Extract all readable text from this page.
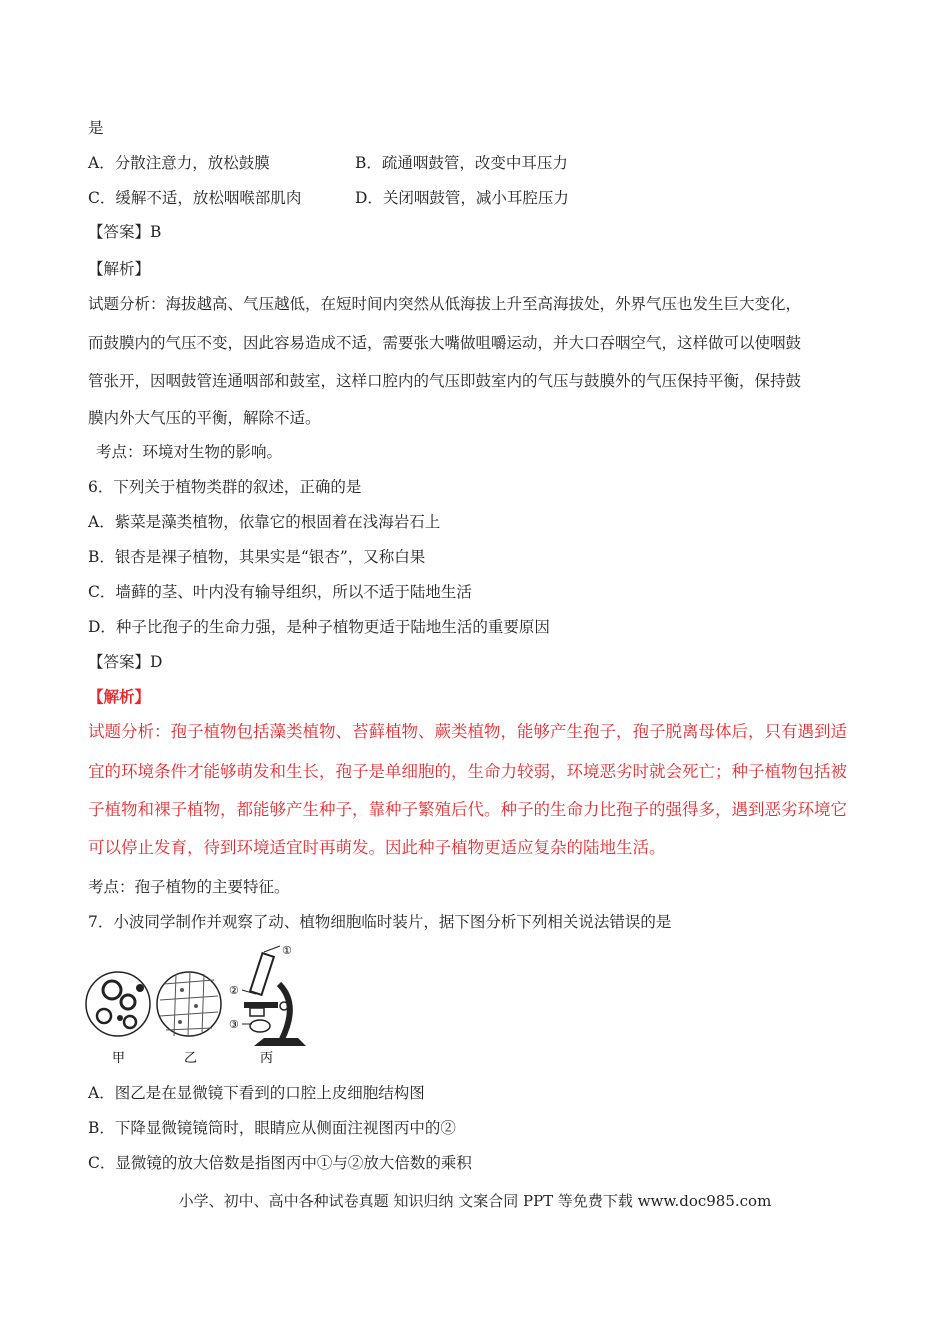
是
A．分散注意力，放松鼓膜	B．疏通咽鼓管，改变中耳压力
C．缓解不适，放松咽喉部肌肉	D．关闭咽鼓管，减小耳腔压力
【答案】B
【解析】
试题分析：海拔越高、气压越低，在短时间内突然从低海拔上升至高海拔处，外界气压也发生巨大变化，
而鼓膜内的气压不变，因此容易造成不适，需要张大嘴做咀嚼运动，并大口吞咽空气，这样做可以使咽鼓
管张开，因咽鼓管连通咽部和鼓室，这样口腔内的气压即鼓室内的气压与鼓膜外的气压保持平衡，保持鼓
膜内外大气压的平衡，解除不适。
考点：环境对生物的影响。
6．下列关于植物类群的叙述，正确的是
A．紫菜是藻类植物，依靠它的根固着在浅海岩石上
B．银杏是裸子植物，其果实是“银杏”，又称白果
C．墙藓的茎、叶内没有输导组织，所以不适于陆地生活
D．种子比孢子的生命力强，是种子植物更适于陆地生活的重要原因
【答案】D
【解析】
试题分析：孢子植物包括藻类植物、苔藓植物、蕨类植物，能够产生孢子，孢子脱离母体后，只有遇到适
宜的环境条件才能够萌发和生长，孢子是单细胞的，生命力较弱，环境恶劣时就会死亡；种子植物包括被
子植物和裸子植物，都能够产生种子，靠种子繁殖后代。种子的生命力比孢子的强得多，遇到恶劣环境它
可以停止发育，待到环境适宜时再萌发。因此种子植物更适应复杂的陆地生活。
考点：孢子植物的主要特征。
7．小波同学制作并观察了动、植物细胞临时装片，据下图分析下列相关说法错误的是
①
②
③
甲	乙	丙
A．图乙是在显微镜下看到的口腔上皮细胞结构图
B．下降显微镜镜筒时，眼睛应从侧面注视图丙中的②
C．显微镜的放大倍数是指图丙中①与②放大倍数的乘积
小学、初中、高中各种试卷真题 知识归纳 文案合同 PPT 等免费下载 www.doc985.com
